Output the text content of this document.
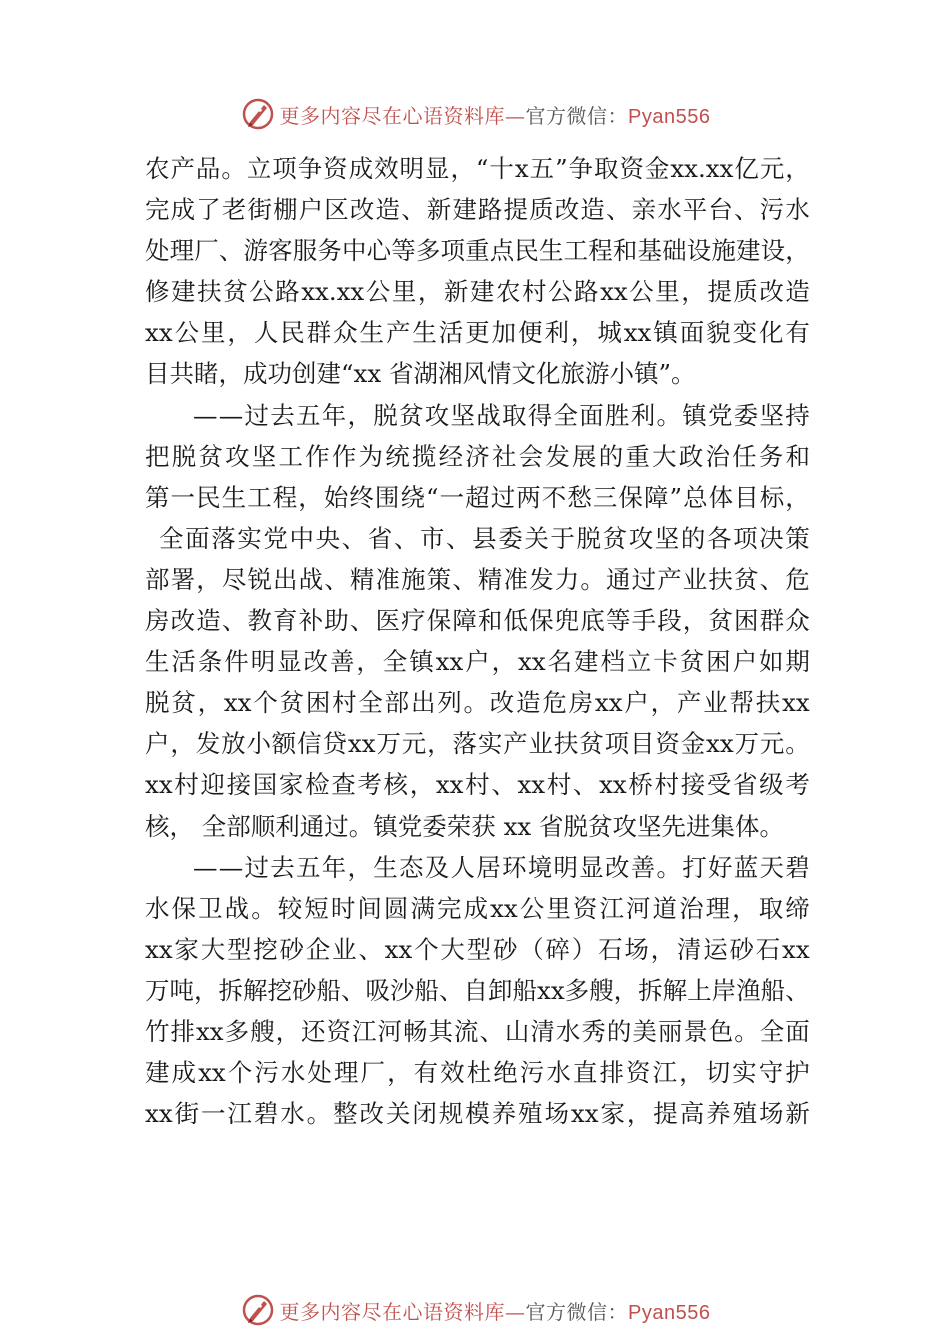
更多内容尽在心语资料库—官方微信：Pyan556
农 产 品 。 立 项 争 资 成 效 明 显 ， “ 十 x 五 ” 争 取 资 金 xx.xx 亿 元 ，
完 成 了 老 街 棚 户 区 改 造 、 新 建 路 提 质 改 造 、 亲 水 平 台 、 污 水
处 理 厂 、 游 客 服 务 中 心 等 多 项 重 点 民 生 工 程 和 基 础 设 施 建 设 ，
修 建 扶 贫 公 路 xx.xx 公 里 ， 新 建 农 村 公 路 xx 公 里 ， 提 质 改 造
xx 公 里 ， 人 民 群 众 生 产 生 活 更 加 便 利 ， 城 xx 镇 面 貌 变 化 有
目共睹，成功创建“xx 省湖湘风情文化旅游小镇”。
— — 过 去 五 年 ， 脱 贫 攻 坚 战 取 得 全 面 胜 利 。 镇 党 委 坚 持
把 脱 贫 攻 坚 工 作 作 为 统 揽 经 济 社 会 发 展 的 重 大 政 治 任 务 和
第 一 民 生 工 程 ， 始 终 围 绕 “ 一 超 过 两 不 愁 三 保 障 ” 总 体 目 标 ，
全 面 落 实 党 中 央 、 省 、 市 、 县 委 关 于 脱 贫 攻 坚 的 各 项 决 策
部 署 ， 尽 锐 出 战 、 精 准 施 策 、 精 准 发 力 。 通 过 产 业 扶 贫 、 危
房 改 造 、 教 育 补 助 、 医 疗 保 障 和 低 保 兜 底 等 手 段 ， 贫 困 群 众
生 活 条 件 明 显 改 善 ， 全 镇 xx 户 ， xx 名 建 档 立 卡 贫 困 户 如 期
脱 贫 ， xx 个 贫 困 村 全 部 出 列 。 改 造 危 房 xx 户 ， 产 业 帮 扶 xx
户 ， 发 放 小 额 信 贷 xx 万 元 ， 落 实 产 业 扶 贫 项 目 资 金 xx 万 元 。
xx 村 迎 接 国 家 检 查 考 核 ， xx 村 、 xx 村 、 xx 桥 村 接 受 省 级 考
核， 全部顺利通过。镇党委荣获 xx 省脱贫攻坚先进集体。
— — 过 去 五 年 ， 生 态 及 人 居 环 境 明 显 改 善 。 打 好 蓝 天 碧
水 保 卫 战 。 较 短 时 间 圆 满 完 成 xx 公 里 资 江 河 道 治 理 ， 取 缔
xx 家 大 型 挖 砂 企 业 、 xx 个 大 型 砂 （ 碎 ） 石 场 ， 清 运 砂 石 xx
万 吨 ， 拆 解 挖 砂 船 、 吸 沙 船 、 自 卸 船 xx 多 艘 ， 拆 解 上 岸 渔 船 、
竹 排 xx 多 艘 ， 还 资 江 河 畅 其 流 、 山 清 水 秀 的 美 丽 景 色 。 全 面
建 成 xx 个 污 水 处 理 厂 ， 有 效 杜 绝 污 水 直 排 资 江 ， 切 实 守 护
xx 街 一 江 碧 水 。 整 改 关 闭 规 模 养 殖 场 xx 家 ， 提 高 养 殖 场 新
更多内容尽在心语资料库—官方微信：Pyan556
